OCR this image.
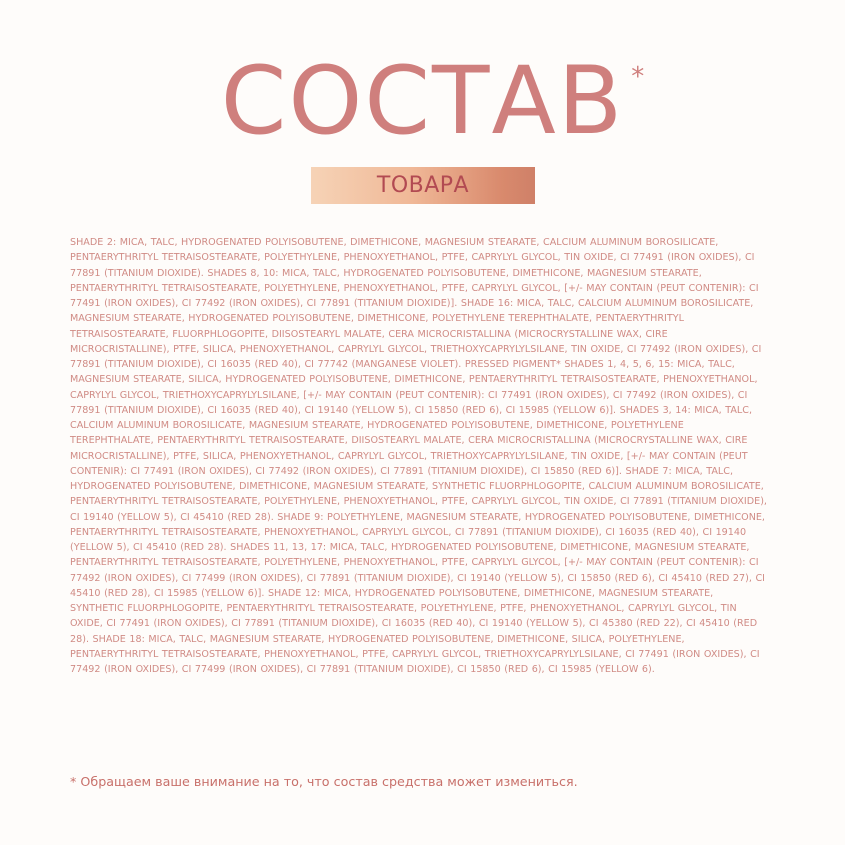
СОСТАВ *
ТОВАРА
SHADE 2: MICA, TALC, HYDROGENATED POLYISOBUTENE, DIMETHICONE, MAGNESIUM STEARATE, CALCIUM ALUMINUM BOROSILICATE, PENTAERYTHRITYL TETRAISOSTEARATE, POLYETHYLENE, PHENOXYETHANOL, PTFE, CAPRYLYL GLYCOL, TIN OXIDE, CI 77491 (IRON OXIDES), CI 77891 (TITANIUM DIOXIDE). SHADES 8, 10: MICA, TALC, HYDROGENATED POLYISOBUTENE, DIMETHICONE, MAGNESIUM STEARATE, PENTAERYTHRITYL TETRAISOSTEARATE, POLYETHYLENE, PHENOXYETHANOL, PTFE, CAPRYLYL GLYCOL, [+/- MAY CONTAIN (PEUT CONTENIR): CI 77491 (IRON OXIDES), CI 77492 (IRON OXIDES), CI 77891 (TITANIUM DIOXIDE)]. SHADE 16: MICA, TALC, CALCIUM ALUMINUM BOROSILICATE, MAGNESIUM STEARATE, HYDROGENATED POLYISOBUTENE, DIMETHICONE, POLYETHYLENE TEREPHTHALATE, PENTAERYTHRITYL TETRAISOSTEARATE, FLUORPHLOGOPITE, DIISOSTEARYL MALATE, CERA MICROCRISTALLINA (MICROCRYSTALLINE WAX, CIRE MICROCRISTALLINE), PTFE, SILICA, PHENOXYETHANOL, CAPRYLYL GLYCOL, TRIETHOXYCAPRYLYLSILANE, TIN OXIDE, CI 77492 (IRON OXIDES), CI 77891 (TITANIUM DIOXIDE), CI 16035 (RED 40), CI 77742 (MANGANESE VIOLET). PRESSED PIGMENT* SHADES 1, 4, 5, 6, 15: MICA, TALC, MAGNESIUM STEARATE, SILICA, HYDROGENATED POLYISOBUTENE, DIMETHICONE, PENTAERYTHRITYL TETRAISOSTEARATE, PHENOXYETHANOL, CAPRYLYL GLYCOL, TRIETHOXYCAPRYLYLSILANE, [+/- MAY CONTAIN (PEUT CONTENIR): CI 77491 (IRON OXIDES), CI 77492 (IRON OXIDES), CI 77891 (TITANIUM DIOXIDE), CI 16035 (RED 40), CI 19140 (YELLOW 5), CI 15850 (RED 6), CI 15985 (YELLOW 6)]. SHADES 3, 14: MICA, TALC, CALCIUM ALUMINUM BOROSILICATE, MAGNESIUM STEARATE, HYDROGENATED POLYISOBUTENE, DIMETHICONE, POLYETHYLENE TEREPHTHALATE, PENTAERYTHRITYL TETRAISOSTEARATE, DIISOSTEARYL MALATE, CERA MICROCRISTALLINA (MICROCRYSTALLINE WAX, CIRE MICROCRISTALLINE), PTFE, SILICA, PHENOXYETHANOL, CAPRYLYL GLYCOL, TRIETHOXYCAPRYLYLSILANE, TIN OXIDE, [+/- MAY CONTAIN (PEUT CONTENIR): CI 77491 (IRON OXIDES), CI 77492 (IRON OXIDES), CI 77891 (TITANIUM DIOXIDE), CI 15850 (RED 6)]. SHADE 7: MICA, TALC, HYDROGENATED POLYISOBUTENE, DIMETHICONE, MAGNESIUM STEARATE, SYNTHETIC FLUORPHLOGOPITE, CALCIUM ALUMINUM BOROSILICATE, PENTAERYTHRITYL TETRAISOSTEARATE, POLYETHYLENE, PHENOXYETHANOL, PTFE, CAPRYLYL GLYCOL, TIN OXIDE, CI 77891 (TITANIUM DIOXIDE), CI 19140 (YELLOW 5), CI 45410 (RED 28). SHADE 9: POLYETHYLENE, MAGNESIUM STEARATE, HYDROGENATED POLYISOBUTENE, DIMETHICONE, PENTAERYTHRITYL TETRAISOSTEARATE, PHENOXYETHANOL, CAPRYLYL GLYCOL, CI 77891 (TITANIUM DIOXIDE), CI 16035 (RED 40), CI 19140 (YELLOW 5), CI 45410 (RED 28). SHADES 11, 13, 17: MICA, TALC, HYDROGENATED POLYISOBUTENE, DIMETHICONE, MAGNESIUM STEARATE, PENTAERYTHRITYL TETRAISOSTEARATE, POLYETHYLENE, PHENOXYETHANOL, PTFE, CAPRYLYL GLYCOL, [+/- MAY CONTAIN (PEUT CONTENIR): CI 77492 (IRON OXIDES), CI 77499 (IRON OXIDES), CI 77891 (TITANIUM DIOXIDE), CI 19140 (YELLOW 5), CI 15850 (RED 6), CI 45410 (RED 27), CI 45410 (RED 28), CI 15985 (YELLOW 6)]. SHADE 12: MICA, HYDROGENATED POLYISOBUTENE, DIMETHICONE, MAGNESIUM STEARATE, SYNTHETIC FLUORPHLOGOPITE, PENTAERYTHRITYL TETRAISOSTEARATE, POLYETHYLENE, PTFE, PHENOXYETHANOL, CAPRYLYL GLYCOL, TIN OXIDE, CI 77491 (IRON OXIDES), CI 77891 (TITANIUM DIOXIDE), CI 16035 (RED 40), CI 19140 (YELLOW 5), CI 45380 (RED 22), CI 45410 (RED 28). SHADE 18: MICA, TALC, MAGNESIUM STEARATE, HYDROGENATED POLYISOBUTENE, DIMETHICONE, SILICA, POLYETHYLENE, PENTAERYTHRITYL TETRAISOSTEARATE, PHENOXYETHANOL, PTFE, CAPRYLYL GLYCOL, TRIETHOXYCAPRYLYLSILANE, CI 77491 (IRON OXIDES), CI 77492 (IRON OXIDES), CI 77499 (IRON OXIDES), CI 77891 (TITANIUM DIOXIDE), CI 15850 (RED 6), CI 15985 (YELLOW 6).
* Обращаем ваше внимание на то, что состав средства может измениться.
